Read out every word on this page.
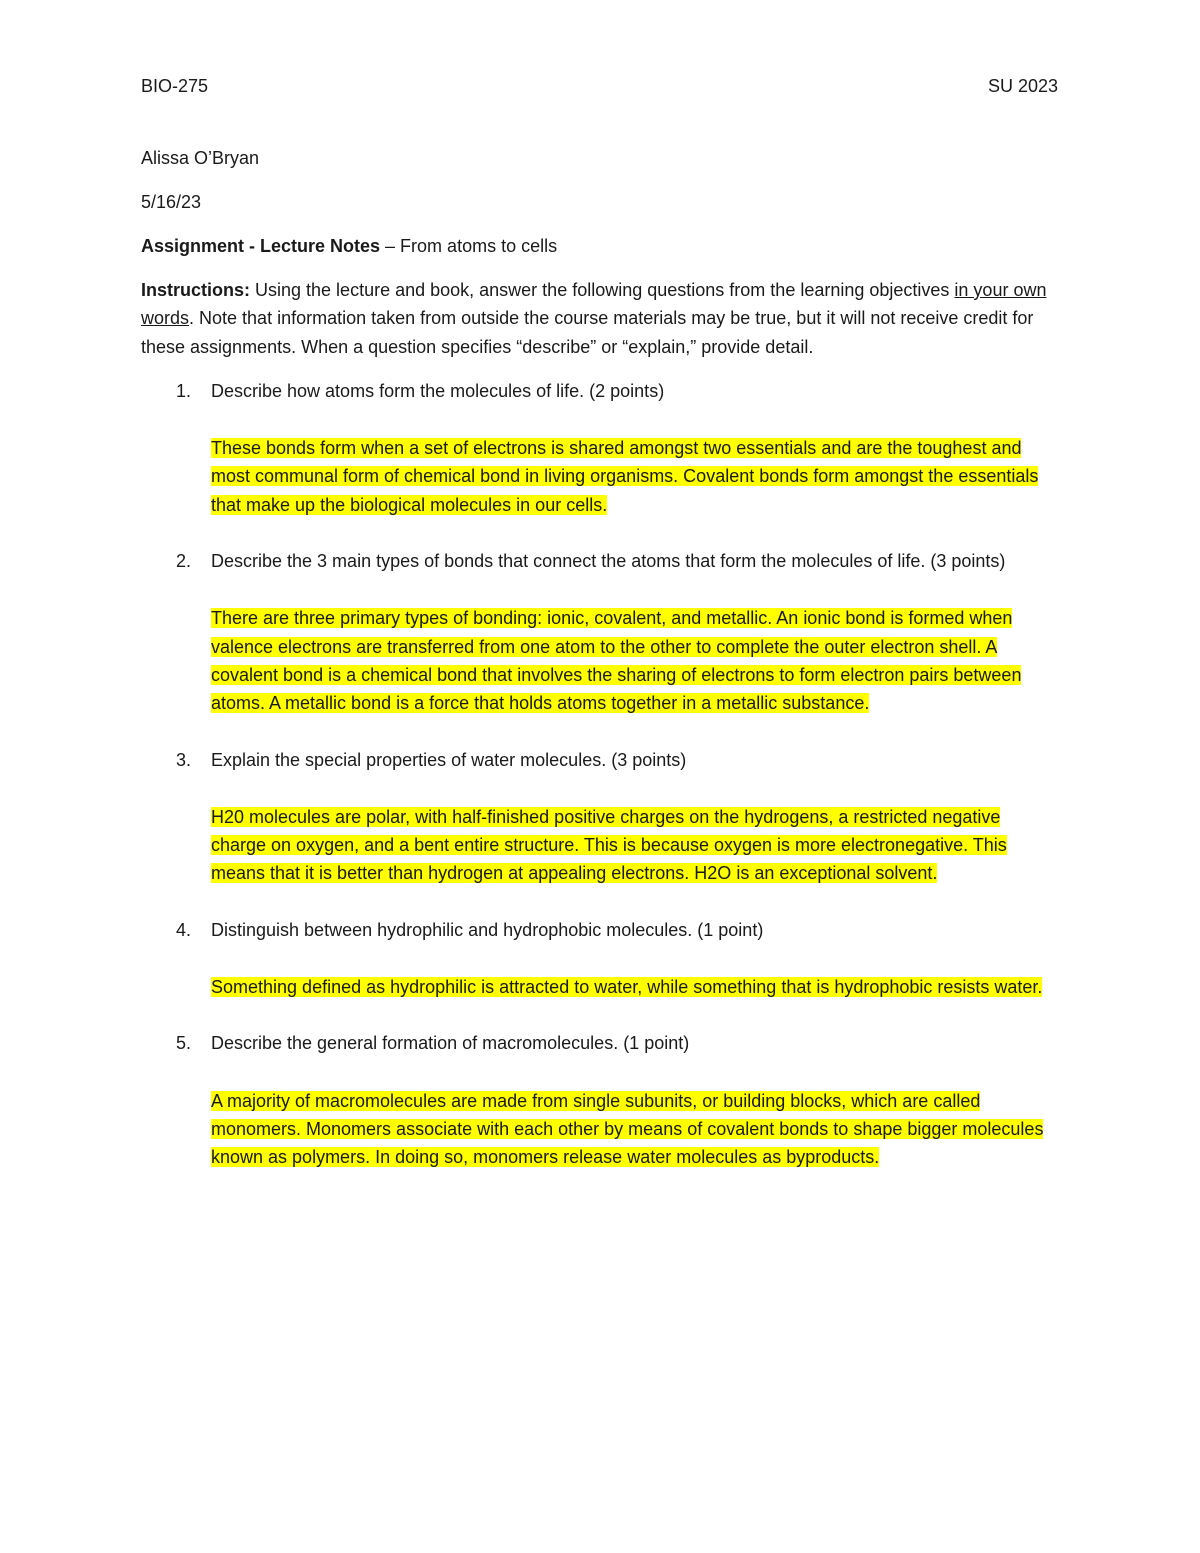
BIO-275	SU 2023

Alissa O’Bryan

5/16/23

Assignment - Lecture Notes – From atoms to cells

Instructions: Using the lecture and book, answer the following questions from the learning objectives in your own words. Note that information taken from outside the course materials may be true, but it will not receive credit for these assignments. When a question specifies “describe” or “explain,” provide detail.

1. Describe how atoms form the molecules of life. (2 points)

These bonds form when a set of electrons is shared amongst two essentials and are the toughest and most communal form of chemical bond in living organisms. Covalent bonds form amongst the essentials that make up the biological molecules in our cells.
2. Describe the 3 main types of bonds that connect the atoms that form the molecules of life. (3 points)

There are three primary types of bonding: ionic, covalent, and metallic. An ionic bond is formed when valence electrons are transferred from one atom to the other to complete the outer electron shell. A covalent bond is a chemical bond that involves the sharing of electrons to form electron pairs between atoms. A metallic bond is a force that holds atoms together in a metallic substance.
3. Explain the special properties of water molecules. (3 points)

H20 molecules are polar, with half-finished positive charges on the hydrogens, a restricted negative charge on oxygen, and a bent entire structure. This is because oxygen is more electronegative. This means that it is better than hydrogen at appealing electrons. H2O is an exceptional solvent.
4. Distinguish between hydrophilic and hydrophobic molecules. (1 point)

Something defined as hydrophilic is attracted to water, while something that is hydrophobic resists water.
5. Describe the general formation of macromolecules. (1 point)

A majority of macromolecules are made from single subunits, or building blocks, which are called monomers. Monomers associate with each other by means of covalent bonds to shape bigger molecules known as polymers. In doing so, monomers release water molecules as byproducts.
